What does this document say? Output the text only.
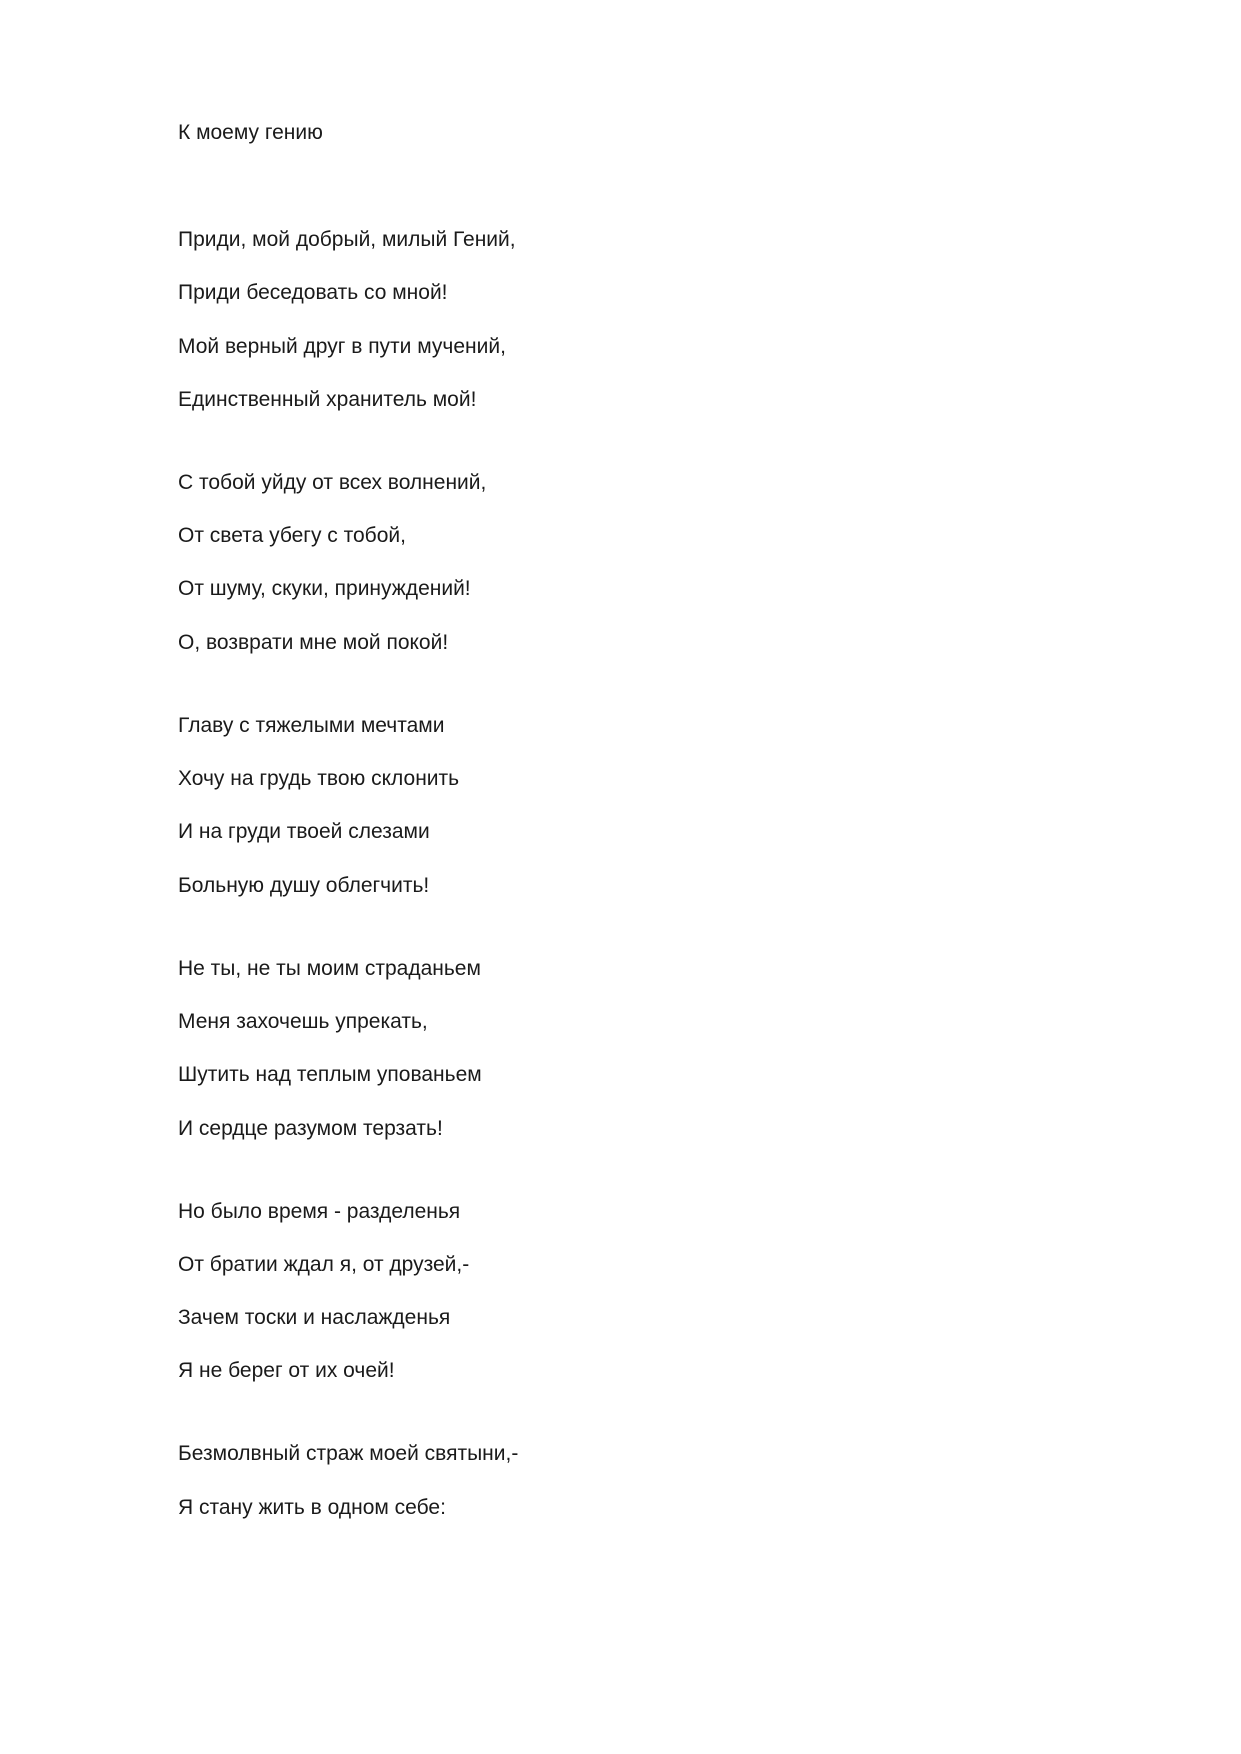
К моему гению

Приди, мой добрый, милый Гений,

Приди беседовать со мной!

Мой верный друг в пути мучений,

Единственный хранитель мой!

С тобой уйду от всех волнений,

От света убегу с тобой,

От шуму, скуки, принуждений!

О, возврати мне мой покой!

Главу с тяжелыми мечтами

Хочу на грудь твою склонить

И на груди твоей слезами

Больную душу облегчить!

Не ты, не ты моим страданьем

Меня захочешь упрекать,

Шутить над теплым упованьем

И сердце разумом терзать!

Но было время - разделенья

От братии ждал я, от друзей,-

Зачем тоски и наслажденья

Я не берег от их очей!

Безмолвный страж моей святыни,-

Я стану жить в одном себе:
